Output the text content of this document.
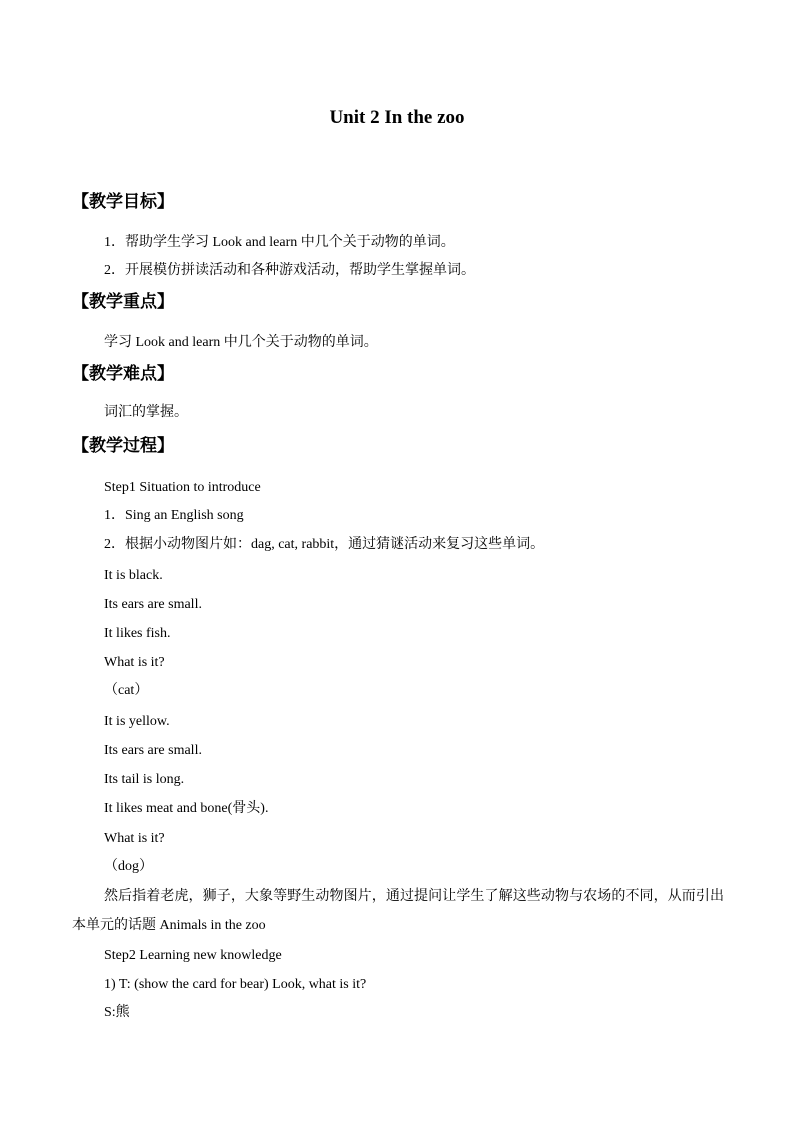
Unit 2 In the zoo
【教学目标】
1．帮助学生学习 Look and learn 中几个关于动物的单词。
2．开展模仿拼读活动和各种游戏活动，帮助学生掌握单词。
【教学重点】
学习 Look and learn 中几个关于动物的单词。
【教学难点】
词汇的掌握。
【教学过程】
Step1 Situation to introduce
1．Sing an English song
2．根据小动物图片如：dag, cat, rabbit，通过猜谜活动来复习这些单词。
It is black.
Its ears are small.
It likes fish.
What is it?
（cat）
It is yellow.
Its ears are small.
Its tail is long.
It likes meat and bone(骨头).
What is it?
（dog）
然后指着老虎，狮子，大象等野生动物图片，通过提问让学生了解这些动物与农场的不同，从而引出本单元的话题 Animals in the zoo
Step2 Learning new knowledge
1) T: (show the card for bear) Look, what is it?
S:熊
